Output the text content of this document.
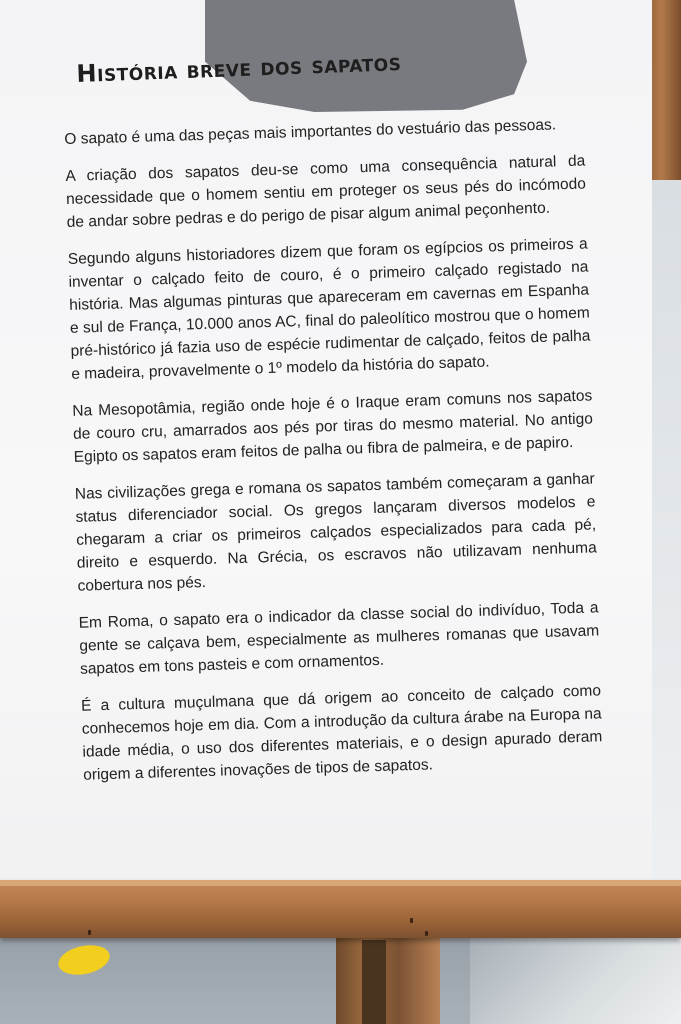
História breve dos sapatos

O sapato é uma das peças mais importantes do vestuário das pessoas.

A criação dos sapatos deu-se como uma consequência natural da necessidade que o homem sentiu em proteger os seus pés do incómodo de andar sobre pedras e do perigo de pisar algum animal peçonhento.

Segundo alguns historiadores dizem que foram os egípcios os primeiros a inventar o calçado feito de couro, é o primeiro calçado registado na história. Mas algumas pinturas que apareceram em cavernas em Espanha e sul de França, 10.000 anos AC, final do paleolítico mostrou que o homem pré-histórico já fazia uso de espécie rudimentar de calçado, feitos de palha e madeira, provavelmente o 1º modelo da história do sapato.

Na Mesopotâmia, região onde hoje é o Iraque eram comuns nos sapatos de couro cru, amarrados aos pés por tiras do mesmo material. No antigo Egipto os sapatos eram feitos de palha ou fibra de palmeira, e de papiro.

Nas civilizações grega e romana os sapatos também começaram a ganhar status diferenciador social. Os gregos lançaram diversos modelos e chegaram a criar os primeiros calçados especializados para cada pé, direito e esquerdo. Na Grécia, os escravos não utilizavam nenhuma cobertura nos pés.

Em Roma, o sapato era o indicador da classe social do indivíduo, Toda a gente se calçava bem, especialmente as mulheres romanas que usavam sapatos em tons pasteis e com ornamentos.

É a cultura muçulmana que dá origem ao conceito de calçado como conhecemos hoje em dia. Com a introdução da cultura árabe na Europa na idade média, o uso dos diferentes materiais, e o design apurado deram origem a diferentes inovações de tipos de sapatos.
